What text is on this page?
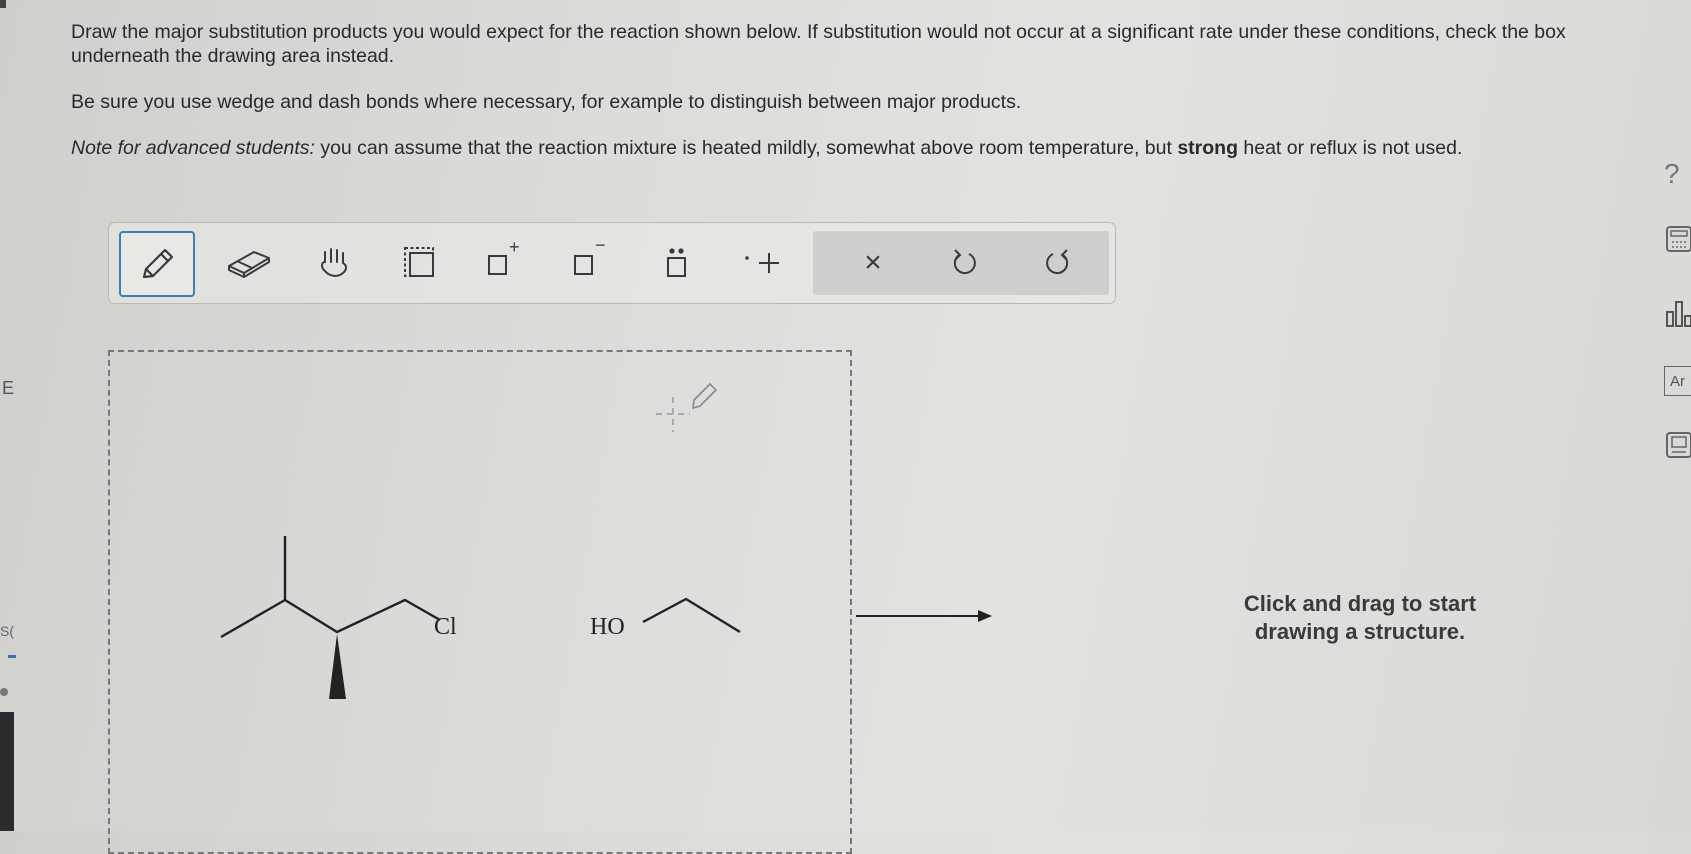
E
S(

Draw the major substitution products you would expect for the reaction shown below. If substitution would not occur at a significant rate under these conditions, check the box underneath the drawing area instead.

Be sure you use wedge and dash bonds where necessary, for example to distinguish between major products.

Note for advanced students: you can assume that the reaction mixture is heated mildly, somewhat above room temperature, but strong heat or reflux is not used.

+	−
×
Cl	HO
Click and drag to start
drawing a structure.
?
Ar
